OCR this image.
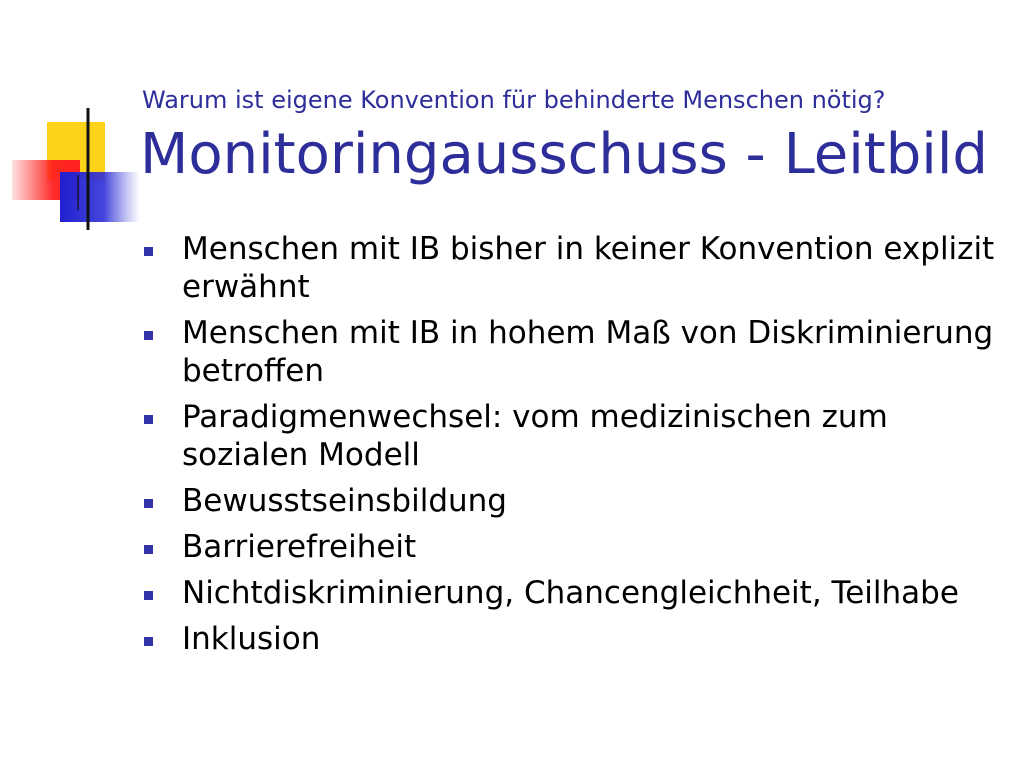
Warum ist eigene Konvention für behinderte Menschen nötig?
Monitoringausschuss - Leitbild
Menschen mit IB bisher in keiner Konvention explizit erwähnt
Menschen mit IB in hohem Maß von Diskriminierung betroffen
Paradigmenwechsel: vom medizinischen zum sozialen Modell
Bewusstseinsbildung
Barrierefreiheit
Nichtdiskriminierung, Chancengleichheit, Teilhabe
Inklusion
